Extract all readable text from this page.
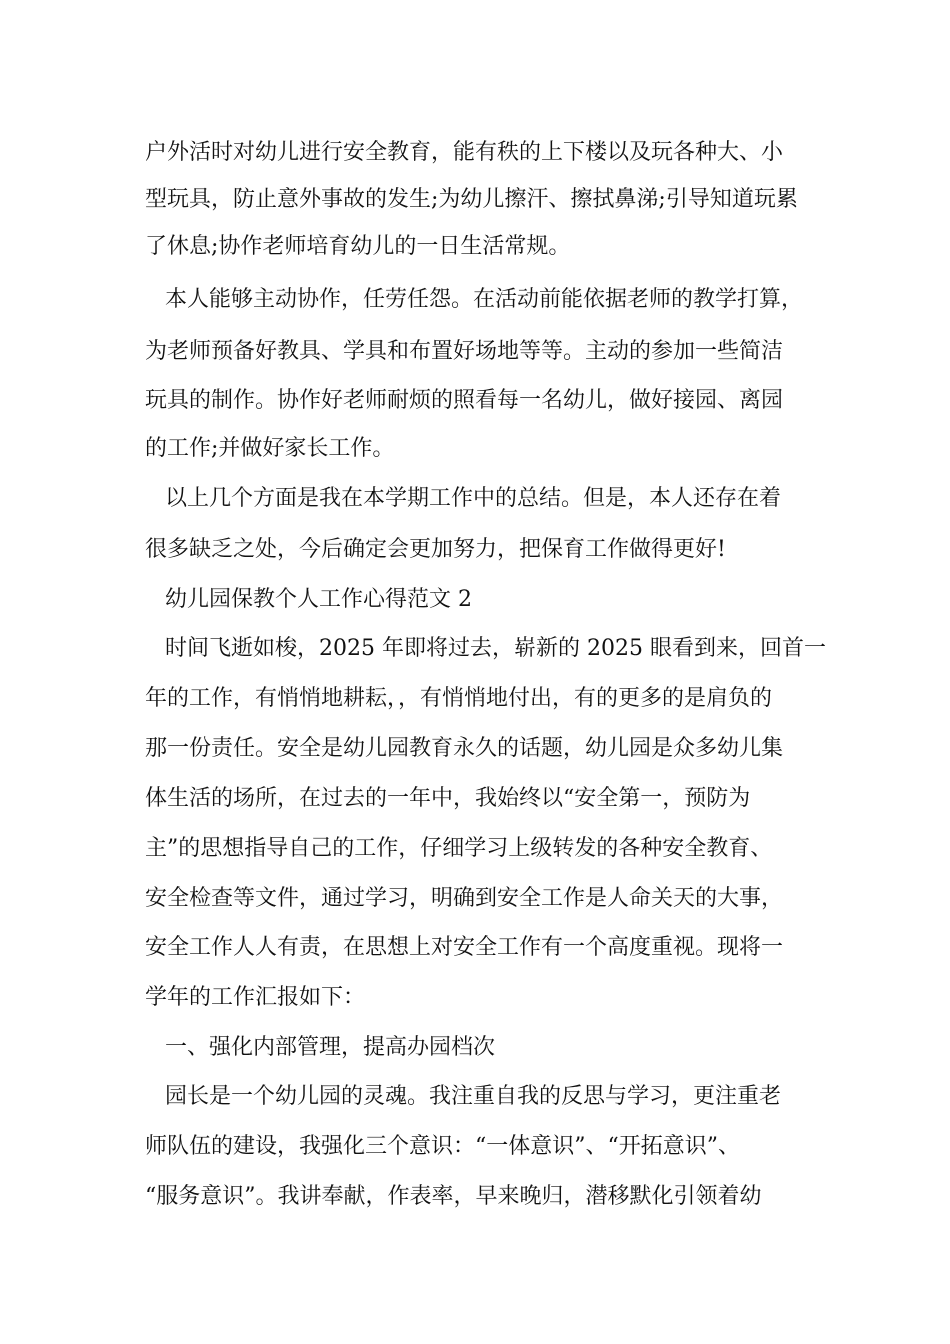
户外活时对幼儿进行安全教育，能有秩的上下楼以及玩各种大、小
型玩具，防止意外事故的发生;为幼儿擦汗、擦拭鼻涕;引导知道玩累
了休息;协作老师培育幼儿的一日生活常规。
本人能够主动协作，任劳任怨。在活动前能依据老师的教学打算，
为老师预备好教具、学具和布置好场地等等。主动的参加一些简洁
玩具的制作。协作好老师耐烦的照看每一名幼儿，做好接园、离园
的工作;并做好家长工作。
以上几个方面是我在本学期工作中的总结。但是，本人还存在着
很多缺乏之处，今后确定会更加努力，把保育工作做得更好!
幼儿园保教个人工作心得范文 2
时间飞逝如梭，2025 年即将过去，崭新的 2025 眼看到来，回首一
年的工作，有悄悄地耕耘，，有悄悄地付出，有的更多的是肩负的
那一份责任。安全是幼儿园教育永久的话题，幼儿园是众多幼儿集
体生活的场所，在过去的一年中，我始终以“安全第一，预防为
主”的思想指导自己的工作，仔细学习上级转发的各种安全教育、
安全检查等文件，通过学习，明确到安全工作是人命关天的大事，
安全工作人人有责，在思想上对安全工作有一个高度重视。现将一
学年的工作汇报如下：
一、强化内部管理，提高办园档次
园长是一个幼儿园的灵魂。我注重自我的反思与学习，更注重老
师队伍的建设，我强化三个意识：“一体意识”、“开拓意识”、
“服务意识”。我讲奉献，作表率，早来晚归，潜移默化引领着幼
